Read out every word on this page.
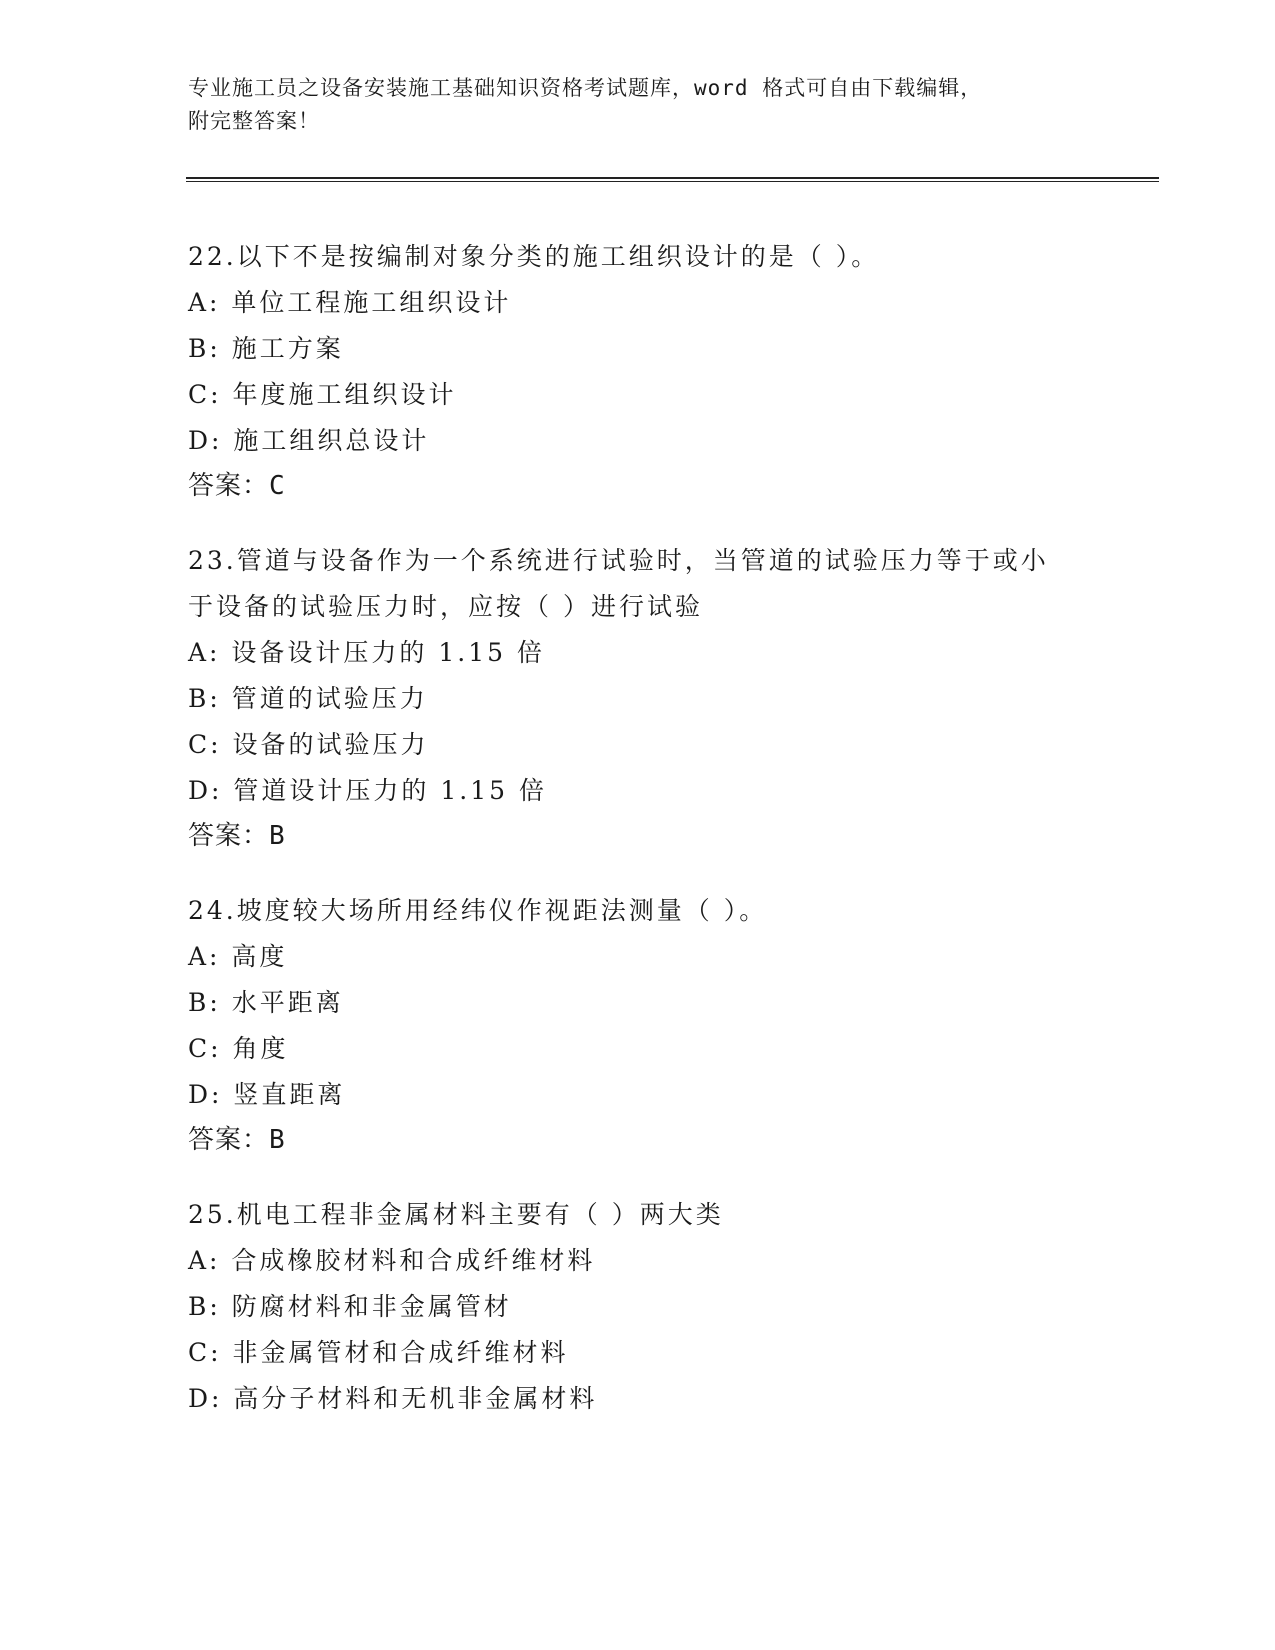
专业施工员之设备安装施工基础知识资格考试题库，word 格式可自由下载编辑，
附完整答案！
22.以下不是按编制对象分类的施工组织设计的是（ ）。
A: 单位工程施工组织设计
B: 施工方案
C: 年度施工组织设计
D: 施工组织总设计
答案：C
23.管道与设备作为一个系统进行试验时，当管道的试验压力等于或小
于设备的试验压力时，应按（ ）进行试验
A: 设备设计压力的 1.15 倍
B: 管道的试验压力
C: 设备的试验压力
D: 管道设计压力的 1.15 倍
答案：B
24.坡度较大场所用经纬仪作视距法测量（ ）。
A: 高度
B: 水平距离
C: 角度
D: 竖直距离
答案：B
25.机电工程非金属材料主要有（ ）两大类
A: 合成橡胶材料和合成纤维材料
B: 防腐材料和非金属管材
C: 非金属管材和合成纤维材料
D: 高分子材料和无机非金属材料
